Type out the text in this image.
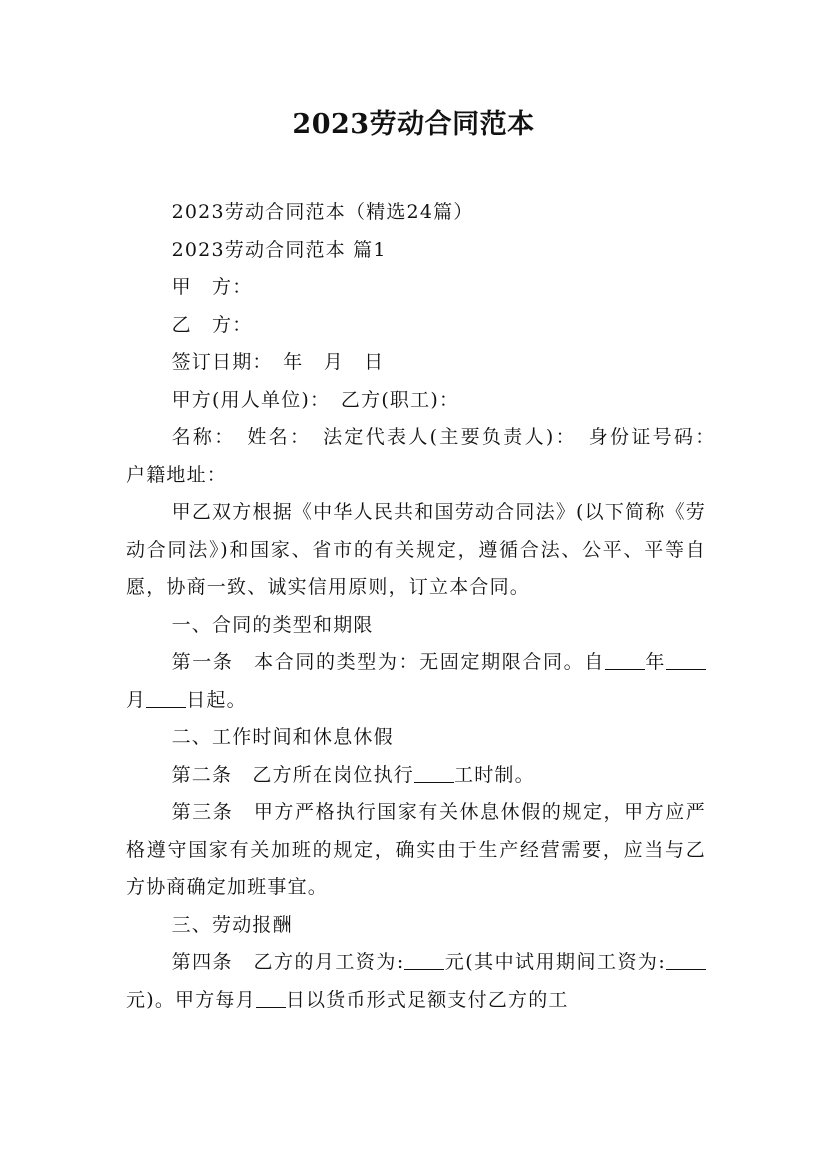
2023劳动合同范本

2023劳动合同范本（精选24篇）

2023劳动合同范本 篇1

甲　方：

乙　方：

签订日期：　年　月　日

甲方(用人单位)：　乙方(职工)：

名称：　姓名：　法定代表人(主要负责人)：　身份证号码：　户籍地址：

甲乙双方根据《中华人民共和国劳动合同法》(以下简称《劳动合同法》)和国家、省市的有关规定，遵循合法、公平、平等自愿，协商一致、诚实信用原则，订立本合同。

一、合同的类型和期限

第一条　本合同的类型为：无固定期限合同。自 年月 日起。

二、工作时间和休息休假

第二条　乙方所在岗位执行 工时制。

第三条　甲方严格执行国家有关休息休假的规定，甲方应严格遵守国家有关加班的规定，确实由于生产经营需要，应当与乙方协商确定加班事宜。

三、劳动报酬

第四条　乙方的月工资为: 元(其中试用期间工资为:元)。甲方每月 日以货币形式足额支付乙方的工
